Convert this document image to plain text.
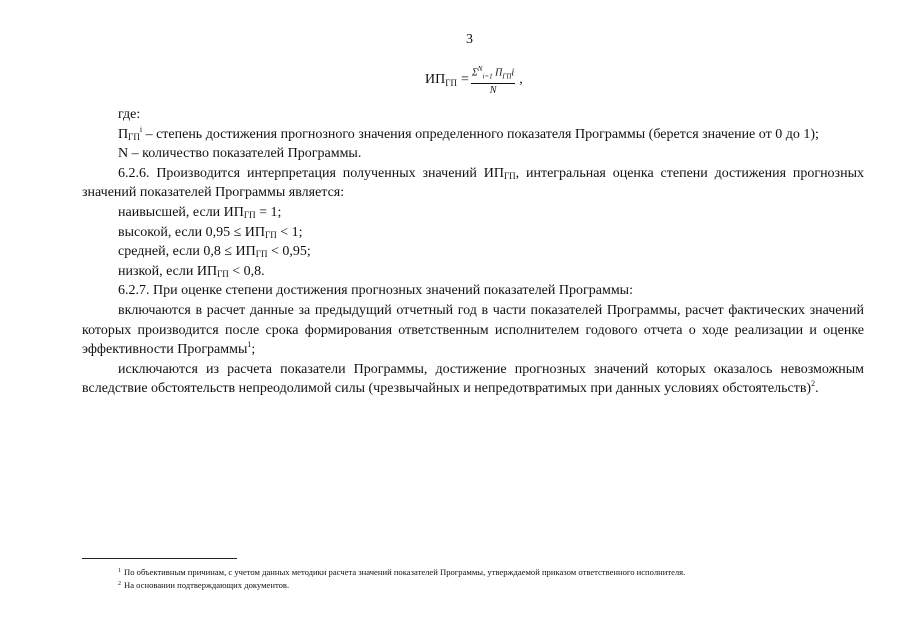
3
$ИП_{ГП} = \frac{\Sigma^N_{i=1} П_{ГП}i}{N}$ ,

где:

$П_{ГП}^i$ – степень достижения прогнозного значения определенного показателя Программы (берется значение от 0 до 1);

N – количество показателей Программы.

6.2.6. Производится интерпретация полученных значений $ИП_{ГП}$, интегральная оценка степени достижения прогнозных значений показателей Программы является:

наивысшей, если $ИП_{ГП} = 1$;

высокой, если $0,95 \le ИП_{ГП} < 1$;

средней, если $0,8 \le ИП_{ГП} < 0,95$;

низкой, если $ИП_{ГП} < 0,8$.

6.2.7. При оценке степени достижения прогнозных значений показателей Программы:

включаются в расчет данные за предыдущий отчетный год в части показателей Программы, расчет фактических значений которых производится после срока формирования ответственным исполнителем годового отчета о ходе реализации и оценке эффективности Программы$^1$;

исключаются из расчета показатели Программы, достижение прогнозных значений которых оказалось невозможным вследствие обстоятельств непреодолимой силы (чрезвычайных и непредотвратимых при данных условиях обстоятельств)$^2$.

$^1$ По объективным причинам, с учетом данных методики расчета значений показателей Программы, утверждаемой приказом ответственного исполнителя.

$^2$ На основании подтверждающих документов.
